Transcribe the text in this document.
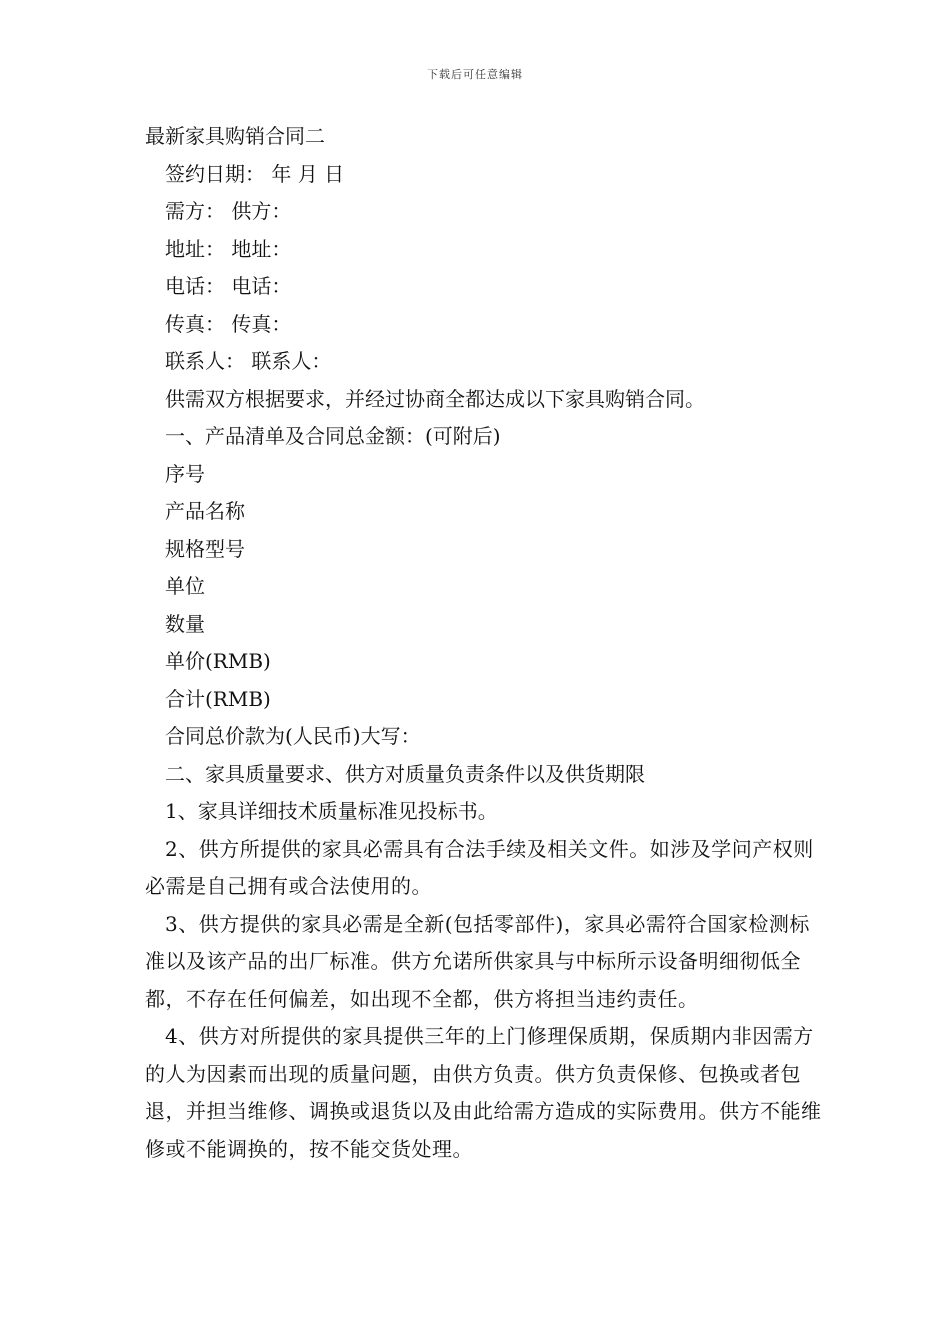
下载后可任意编辑

最新家具购销合同二

签约日期： 年 月 日

需方： 供方：

地址： 地址：

电话： 电话：

传真： 传真：

联系人： 联系人：

供需双方根据要求，并经过协商全都达成以下家具购销合同。

一、产品清单及合同总金额：(可附后)

序号

产品名称

规格型号

单位

数量

单价(RMB)

合计(RMB)

合同总价款为(人民币)大写：

二、家具质量要求、供方对质量负责条件以及供货期限

1、家具详细技术质量标准见投标书。

2、供方所提供的家具必需具有合法手续及相关文件。如涉及学问产权则必需是自己拥有或合法使用的。

3、供方提供的家具必需是全新(包括零部件)，家具必需符合国家检测标准以及该产品的出厂标准。供方允诺所供家具与中标所示设备明细彻低全都，不存在任何偏差，如出现不全都，供方将担当违约责任。

4、供方对所提供的家具提供三年的上门修理保质期，保质期内非因需方的人为因素而出现的质量问题，由供方负责。供方负责保修、包换或者包退，并担当维修、调换或退货以及由此给需方造成的实际费用。供方不能维修或不能调换的，按不能交货处理。
